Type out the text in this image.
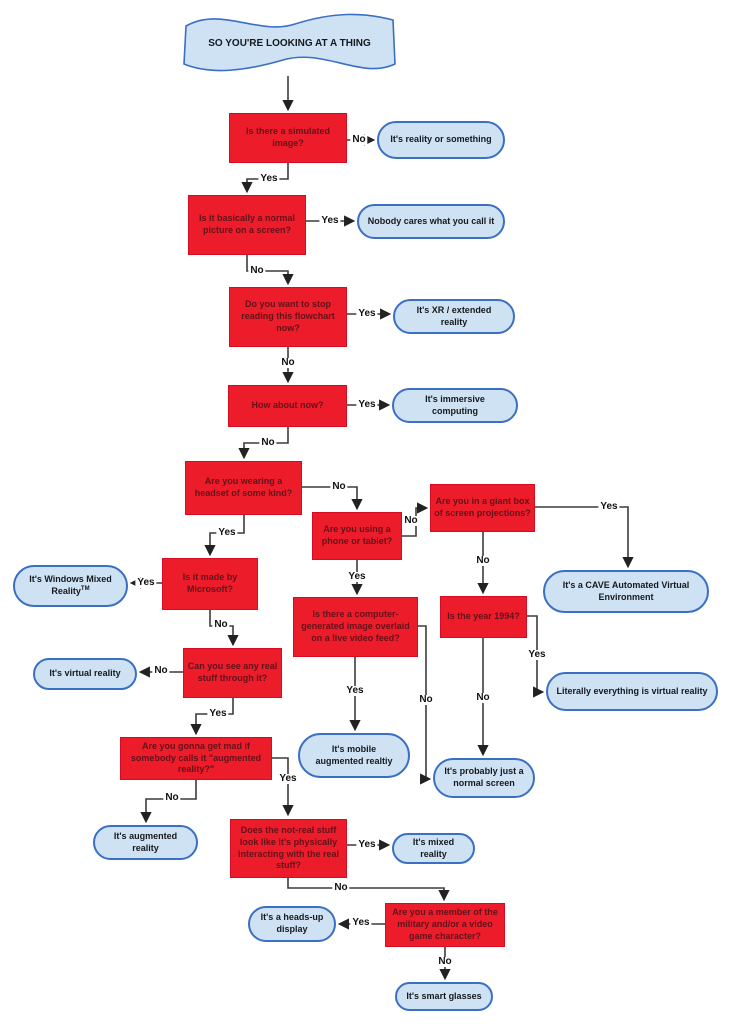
SO YOU'RE LOOKING AT A THING
Is there a simulated image?
Is it basically a normal picture on a screen?
Do you want to stop reading this flowchart now?
How about now?
Are you wearing a headset of some kind?
Are you using a phone or tablet?
Are you in a giant box of screen projections?
Is it made by Microsoft?
Can you see any real stuff through it?
Is there a computer-generated image overlaid on a live video feed?
Is the year 1994?
Are you gonna get mad if somebody calls it "augmented reality?"
Does the not-real stuff look like it's physically interacting with the real stuff?
Are you a member of the military and/or a video game character?
It's reality or something
Nobody cares what you call it
It's XR / extended reality
It's immersive computing
It's a CAVE Automated Virtual Environment
It's Windows Mixed Reality™
It's virtual reality
Literally everything is virtual reality
It's mobile augmented realtiy
It's probably just a normal screen
It's augmented reality
It's mixed reality
It's a heads-up display
It's smart glasses
No
Yes
Yes
No
Yes
No
Yes
No
Yes
No
No
Yes
Yes
No
Yes
No
No
Yes
Yes
No
Yes
No
No
Yes
Yes
No
Yes
No
